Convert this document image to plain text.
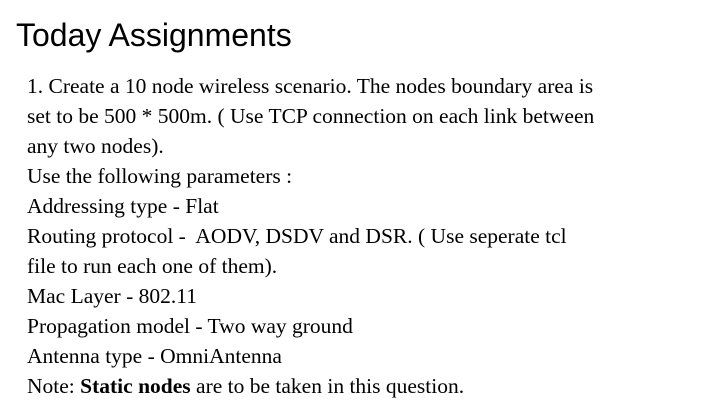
Today Assignments
1. Create a 10 node wireless scenario. The nodes boundary area is
set to be 500 * 500m. ( Use TCP connection on each link between
any two nodes).
Use the following parameters :
Addressing type - Flat
Routing protocol -  AODV, DSDV and DSR. ( Use seperate tcl
file to run each one of them).
Mac Layer - 802.11
Propagation model - Two way ground
Antenna type - OmniAntenna
Note: Static nodes are to be taken in this question.
